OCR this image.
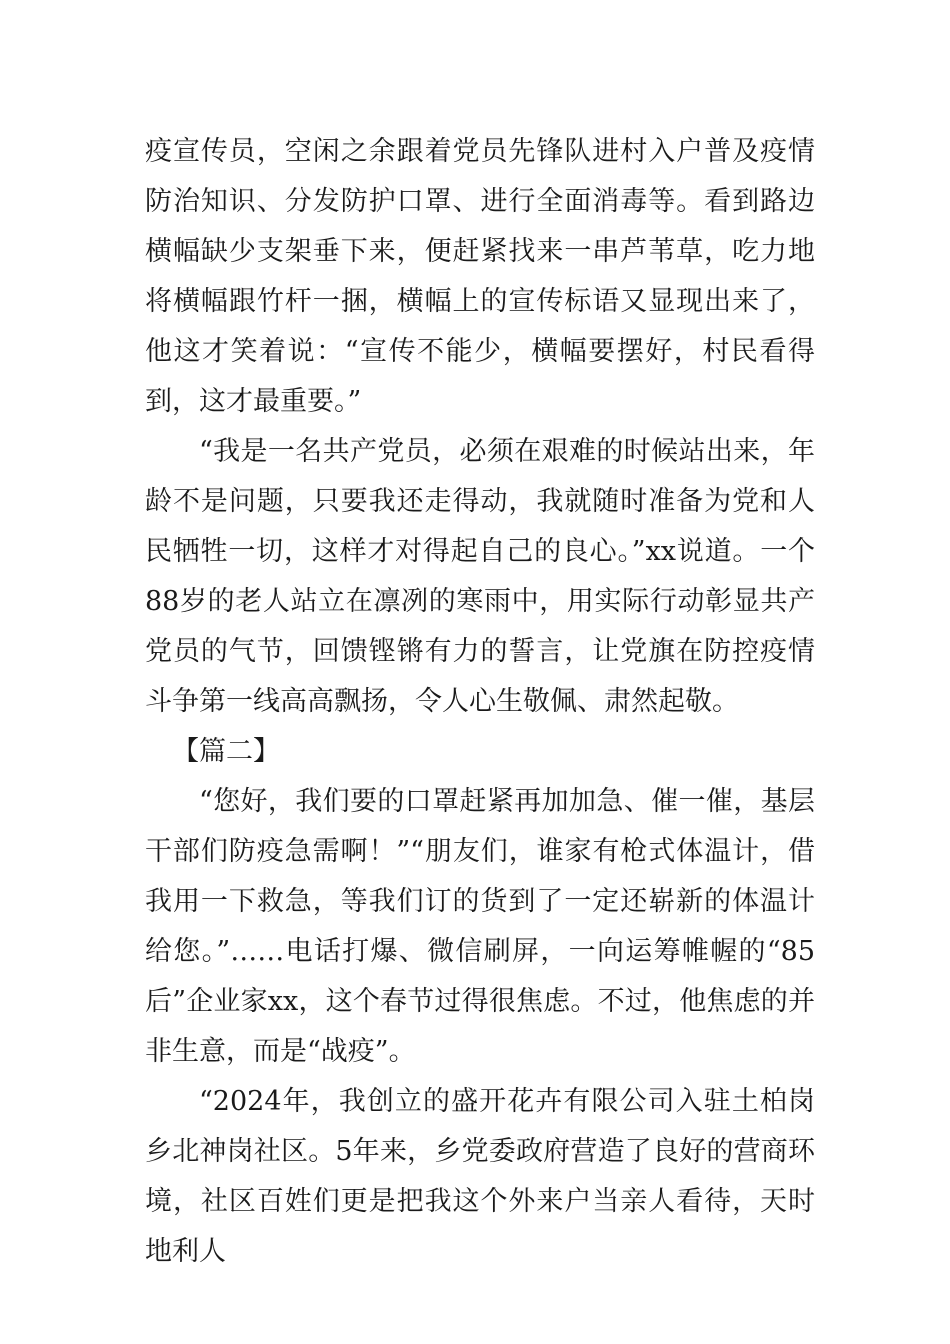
疫宣传员，空闲之余跟着党员先锋队进村入户普及疫情防治知识、分发防护口罩、进行全面消毒等。看到路边横幅缺少支架垂下来，便赶紧找来一串芦苇草，吃力地将横幅跟竹杆一捆，横幅上的宣传标语又显现出来了，他这才笑着说：“宣传不能少，横幅要摆好，村民看得到，这才最重要。”

“我是一名共产党员，必须在艰难的时候站出来，年龄不是问题，只要我还走得动，我就随时准备为党和人民牺牲一切，这样才对得起自己的良心。”xx说道。一个88岁的老人站立在凛冽的寒雨中，用实际行动彰显共产党员的气节，回馈铿锵有力的誓言，让党旗在防控疫情斗争第一线高高飘扬，令人心生敬佩、肃然起敬。

【篇二】

“您好，我们要的口罩赶紧再加加急、催一催，基层干部们防疫急需啊！”“朋友们，谁家有枪式体温计，借我用一下救急，等我们订的货到了一定还崭新的体温计给您。”……电话打爆、微信刷屏，一向运筹帷幄的“85后”企业家xx，这个春节过得很焦虑。不过，他焦虑的并非生意，而是“战疫”。

“2024年，我创立的盛开花卉有限公司入驻土柏岗乡北神岗社区。5年来，乡党委政府营造了良好的营商环境，社区百姓们更是把我这个外来户当亲人看待，天时地利人
